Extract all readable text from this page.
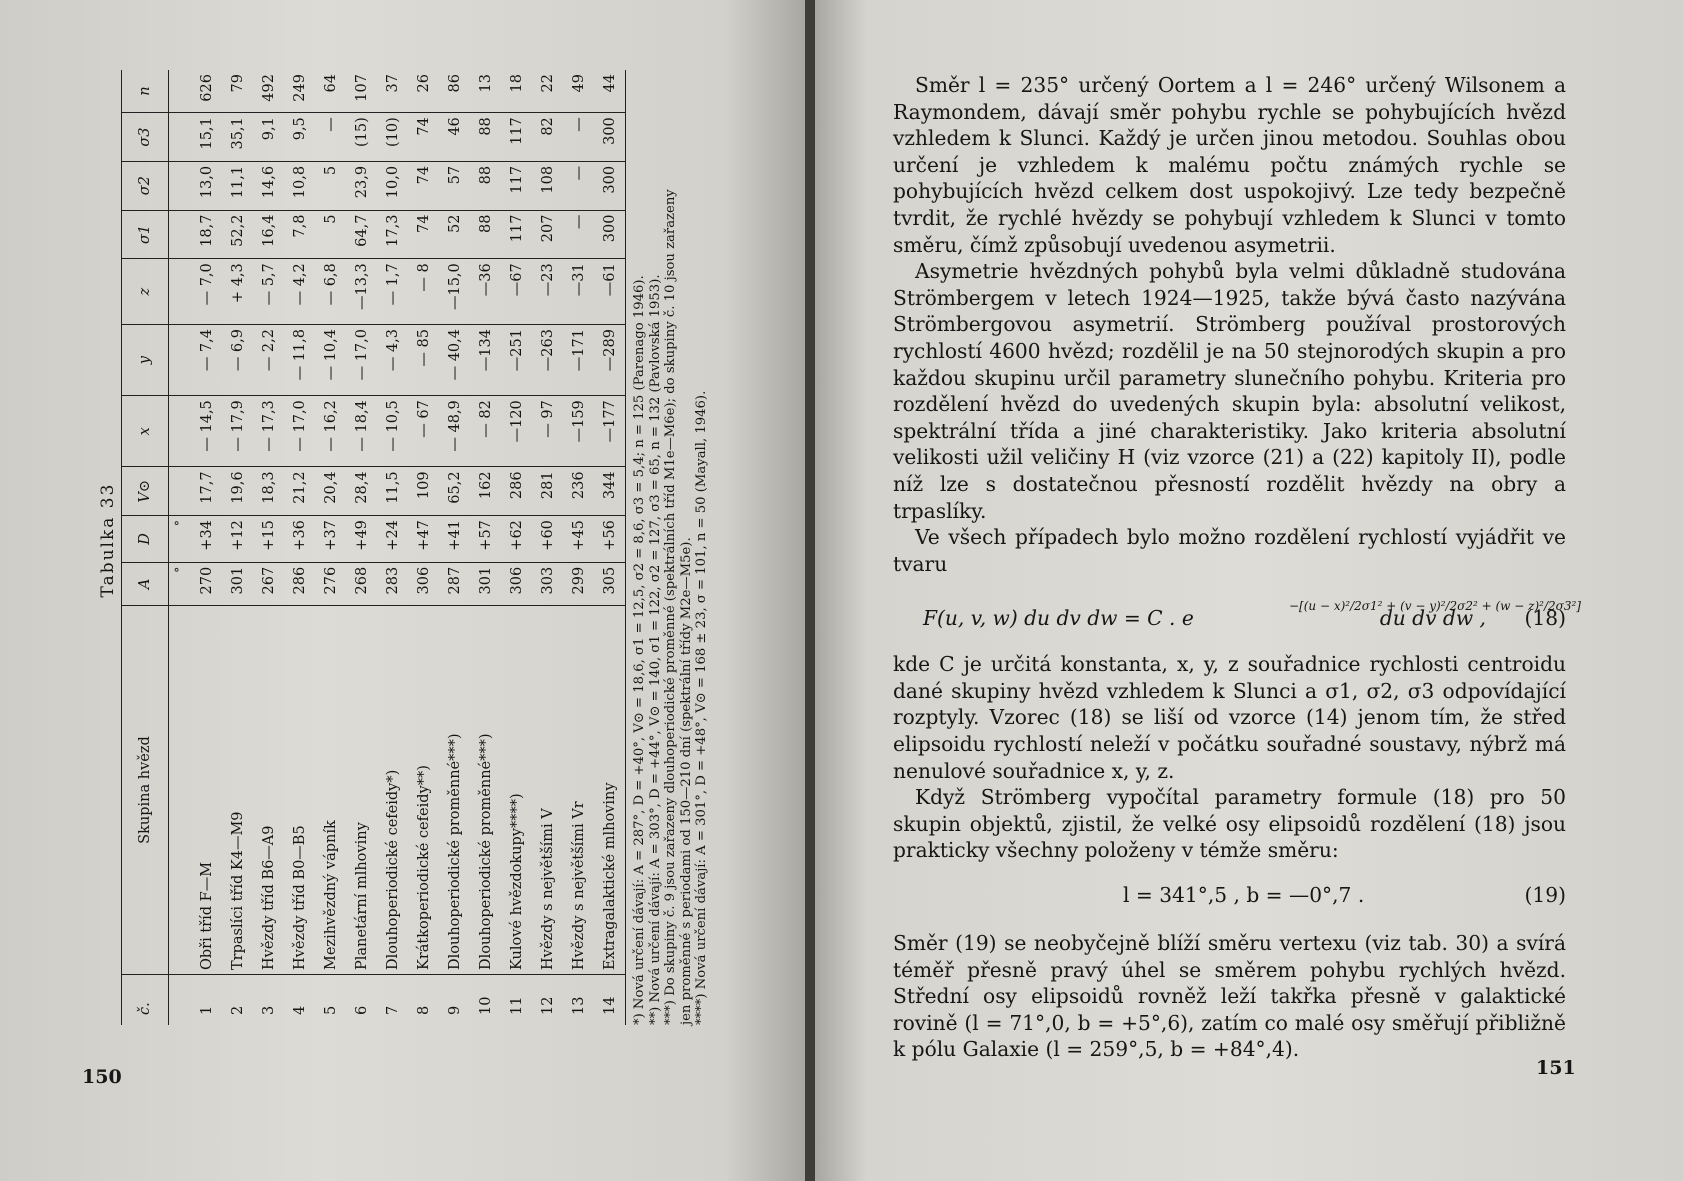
Tabulka 33
č.	Skupina hvězd	A	D	V⊙	x	y	z	σ1	σ2	σ3	n
		°	°								
1	Obři tříd F—M	270	+34	17,7	— 14,5	— 7,4	— 7,0	18,7	13,0	15,1	626
2	Trpaslíci tříd K4—M9	301	+12	19,6	— 17,9	— 6,9	+ 4,3	52,2	11,1	35,1	79
3	Hvězdy tříd B6—A9	267	+15	18,3	— 17,3	— 2,2	— 5,7	16,4	14,6	9,1	492
4	Hvězdy tříd B0—B5	286	+36	21,2	— 17,0	— 11,8	— 4,2	7,8	10,8	9,5	249
5	Mezihvězdný vápník	276	+37	20,4	— 16,2	— 10,4	— 6,8	5	5	—	64
6	Planetární mlhoviny	268	+49	28,4	— 18,4	— 17,0	—13,3	64,7	23,9	(15)	107
7	Dlouhoperiodické cefeidy*)	283	+24	11,5	— 10,5	— 4,3	— 1,7	17,3	10,0	(10)	37
8	Krátkoperiodické cefeidy**)	306	+47	109	— 67	— 85	— 8	74	74	74	26
9	Dlouhoperiodické proměnné***)	287	+41	65,2	— 48,9	— 40,4	—15,0	52	57	46	86
10	Dlouhoperiodické proměnné***)	301	+57	162	— 82	—134	—36	88	88	88	13
11	Kulové hvězdokupy****)	306	+62	286	—120	—251	—67	117	117	117	18
12	Hvězdy s největšími V	303	+60	281	— 97	—263	—23	207	108	82	22
13	Hvězdy s největšími Vr	299	+45	236	—159	—171	—31	—	—	—	49
14	Extragalaktické mlhoviny	305	+56	344	—177	—289	—61	300	300	300	44
*) Nová určení dávají: A = 287°, D = +40°, V⊙ = 18,6, σ1 = 12,5, σ2 = 8,6, σ3 = 5,4; n = 125 (Parenago 1946). **) Nová určení dávají: A = 303°, D = +44°, V⊙ = 140, σ1 = 122, σ2 = 127, σ3 = 65, n = 132 (Pavlovská 1953). ***) Do skupiny č. 9 jsou zařazeny dlouhoperiodické proměnné (spektrálních tříd M1e—M6e); do skupiny č. 10 jsou zařazeny jen proměnné s periodami od 150—210 dní (spektrální třídy M2e—M5e). ****) Nová určení dávají: A = 301°, D = +48°, V⊙ = 168 ± 23, σ = 101, n = 50 (Mayall, 1946).
150

Směr l = 235° určený Oortem a l = 246° určený Wilsonem a Raymondem, dávají směr pohybu rychle se pohybujících hvězd vzhledem k Slunci. Každý je určen jinou metodou. Souhlas obou určení je vzhledem k malému počtu známých rychle se pohybujících hvězd celkem dost uspokojivý. Lze tedy bezpečně tvrdit, že rychlé hvězdy se pohybují vzhledem k Slunci v tomto směru, čímž způsobují uvedenou asymetrii.

Asymetrie hvězdných pohybů byla velmi důkladně studována Strömbergem v letech 1924—1925, takže bývá často nazývána Strömbergovou asymetrií. Strömberg používal prostorových rychlostí 4600 hvězd; rozdělil je na 50 stejnorodých skupin a pro každou skupinu určil parametry slunečního pohybu. Kriteria pro rozdělení hvězd do uvedených skupin byla: absolutní velikost, spektrální třída a jiné charakteristiky. Jako kriteria absolutní velikosti užil veličiny H (viz vzorce (21) a (22) kapitoly II), podle níž lze s dostatečnou přesností rozdělit hvězdy na obry a trpaslíky.

Ve všech případech bylo možno rozdělení rychlostí vyjádřit ve tvaru

F(u, v, w) du dv dw = C . e	du dv dw ,
−[(u − x)²/2σ1² + (v − y)²/2σ2² + (w − z)²/2σ3²]
(18)

kde C je určitá konstanta, x, y, z souřadnice rychlosti centroidu dané skupiny hvězd vzhledem k Slunci a σ1, σ2, σ3 odpovídající rozptyly. Vzorec (18) se liší od vzorce (14) jenom tím, že střed elipsoidu rychlostí neleží v počátku souřadné soustavy, nýbrž má nenulové souřadnice x, y, z.

Když Strömberg vypočítal parametry formule (18) pro 50 skupin objektů, zjistil, že velké osy elipsoidů rozdělení (18) jsou prakticky všechny položeny v témže směru:

l = 341°,5 , b = —0°,7 .	(19)

Směr (19) se neobyčejně blíží směru vertexu (viz tab. 30) a svírá téměř přesně pravý úhel se směrem pohybu rychlých hvězd. Střední osy elipsoidů rovněž leží takřka přesně v galaktické rovině (l = 71°,0, b = +5°,6), zatím co malé osy směřují přibližně k pólu Galaxie (l = 259°,5, b = +84°,4).

151
